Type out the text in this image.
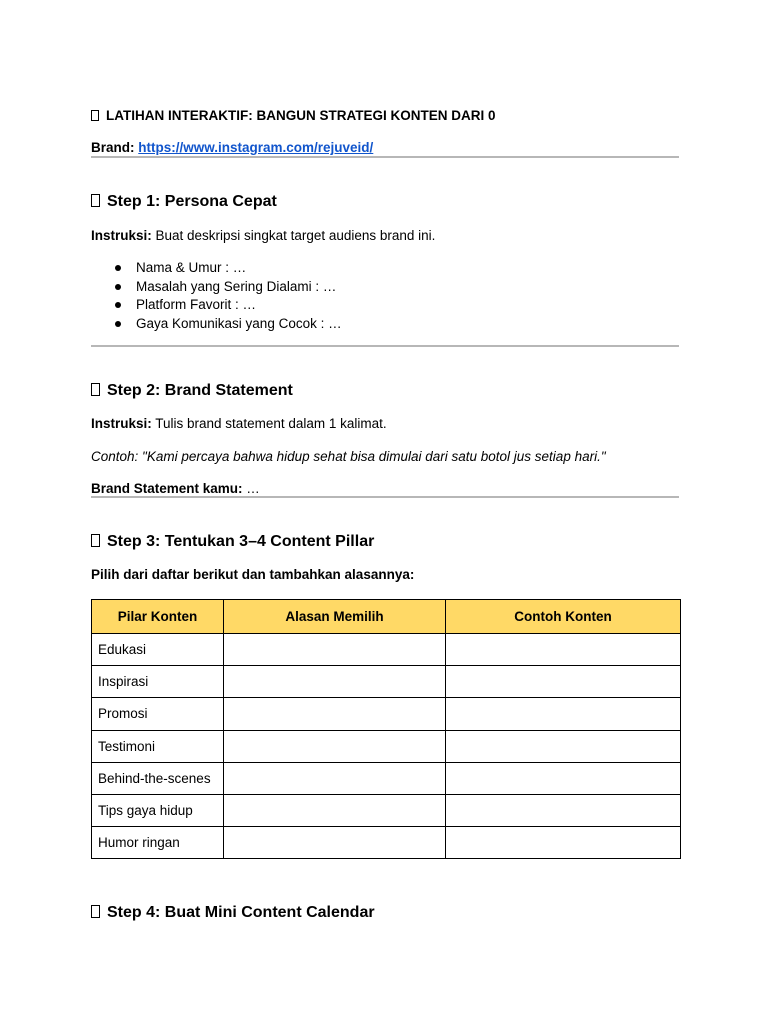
LATIHAN INTERAKTIF: BANGUN STRATEGI KONTEN DARI 0
Brand: https://www.instagram.com/rejuveid/
Step 1: Persona Cepat
Instruksi: Buat deskripsi singkat target audiens brand ini.
Nama & Umur : …
Masalah yang Sering Dialami : …
Platform Favorit : …
Gaya Komunikasi yang Cocok : …
Step 2: Brand Statement
Instruksi: Tulis brand statement dalam 1 kalimat.
Contoh: "Kami percaya bahwa hidup sehat bisa dimulai dari satu botol jus setiap hari."
Brand Statement kamu: …
Step 3: Tentukan 3–4 Content Pillar
Pilih dari daftar berikut dan tambahkan alasannya:
Pilar Konten	Alasan Memilih	Contoh Konten
Edukasi		
Inspirasi		
Promosi		
Testimoni		
Behind-the-scenes		
Tips gaya hidup		
Humor ringan		
Step 4: Buat Mini Content Calendar
